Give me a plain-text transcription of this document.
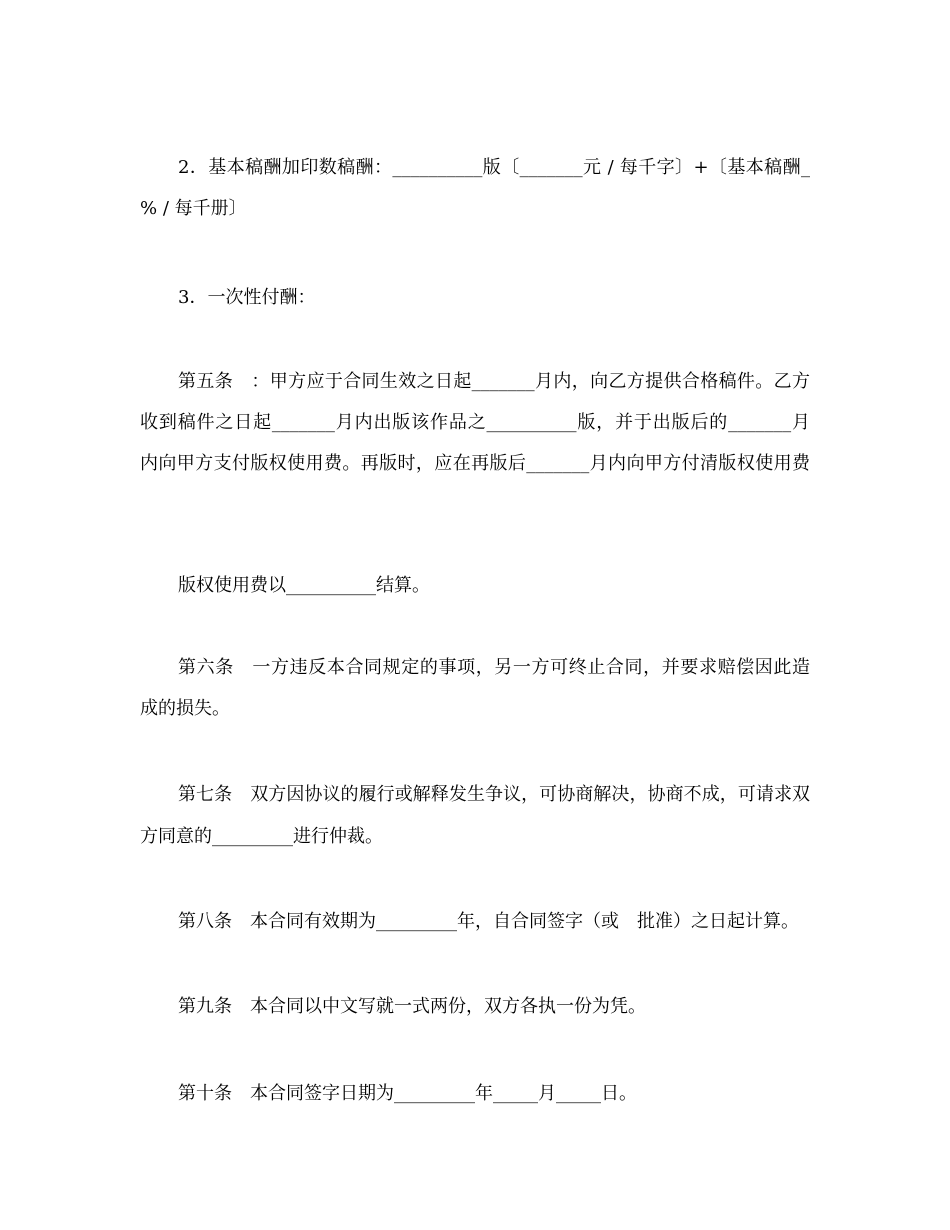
2．基本稿酬加印数稿酬：__________版〔_______元 / 每千字〕+〔基本稿酬_
% / 每千册〕
3．一次性付酬：
第五条　：甲方应于合同生效之日起_______月内，向乙方提供合格稿件。乙方
收到稿件之日起_______月内出版该作品之__________版，并于出版后的_______月
内向甲方支付版权使用费。再版时，应在再版后_______月内向甲方付清版权使用费
版权使用费以__________结算。
第六条　一方违反本合同规定的事项，另一方可终止合同，并要求赔偿因此造
成的损失。
第七条　双方因协议的履行或解释发生争议，可协商解决，协商不成，可请求双
方同意的_________进行仲裁。
第八条　本合同有效期为_________年，自合同签字（或　批准）之日起计算。
第九条　本合同以中文写就一式两份，双方各执一份为凭。
第十条　本合同签字日期为_________年_____月_____日。
